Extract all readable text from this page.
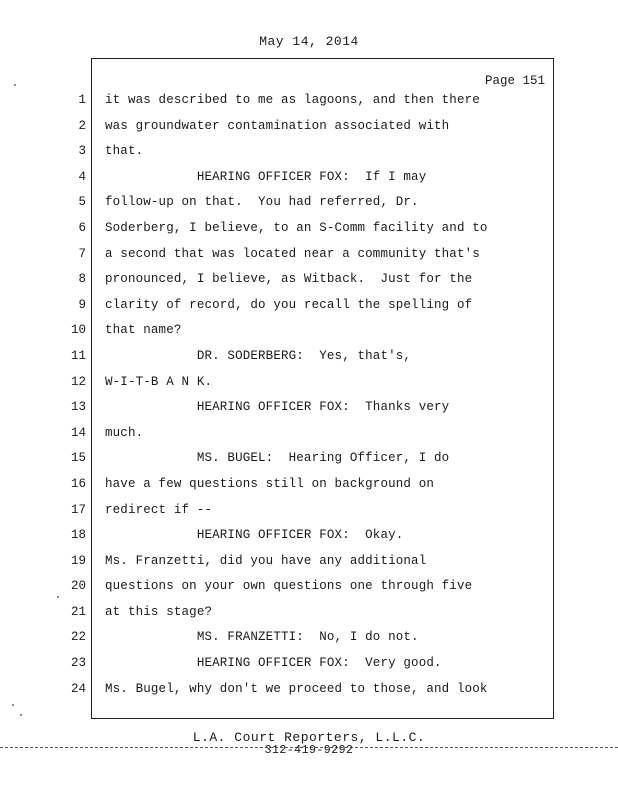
May 14, 2014
Page 151
1
2
3
4
5
6
7
8
9
10
11
12
13
14
15
16
17
18
19
20
21
22
23
24
it was described to me as lagoons, and then there
was groundwater contamination associated with
that.
HEARING OFFICER FOX:  If I may
follow-up on that.  You had referred, Dr.
Soderberg, I believe, to an S-Comm facility and to
a second that was located near a community that's
pronounced, I believe, as Witback.  Just for the
clarity of record, do you recall the spelling of
that name?
DR. SODERBERG:  Yes, that's,
W-I-T-B A N K.
HEARING OFFICER FOX:  Thanks very
much.
MS. BUGEL:  Hearing Officer, I do
have a few questions still on background on
redirect if --
HEARING OFFICER FOX:  Okay.
Ms. Franzetti, did you have any additional
questions on your own questions one through five
at this stage?
MS. FRANZETTI:  No, I do not.
HEARING OFFICER FOX:  Very good.
Ms. Bugel, why don't we proceed to those, and look
L.A. Court Reporters, L.L.C.
312-419-9292
